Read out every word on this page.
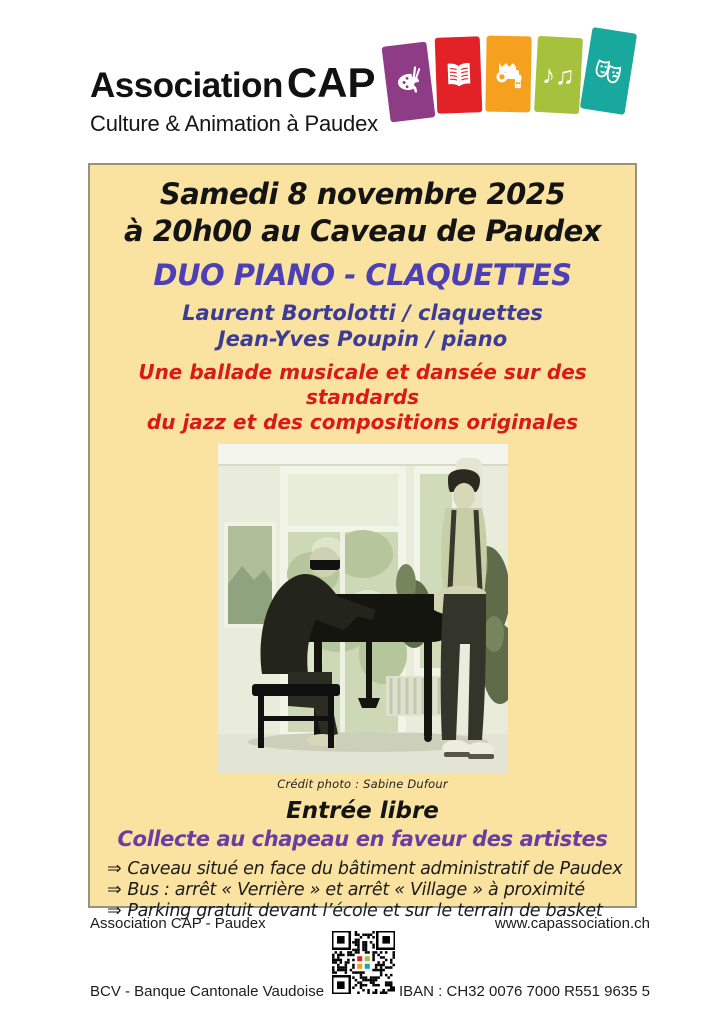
Association CAP
Culture & Animation à Paudex
♪♫
Samedi 8 novembre 2025
à 20h00 au Caveau de Paudex
DUO PIANO - CLAQUETTES
Laurent Bortolotti / claquettes
Jean-Yves Poupin / piano
Une ballade musicale et dansée sur des standards
du jazz et des compositions originales
Crédit photo : Sabine Dufour
Entrée libre
Collecte au chapeau en faveur des artistes
⇒ Caveau situé en face du bâtiment administratif de Paudex
⇒ Bus : arrêt « Verrière » et arrêt « Village » à proximité
⇒ Parking gratuit devant l’école et sur le terrain de basket
Association CAP - Paudex	www.capassociation.ch
BCV - Banque Cantonale Vaudoise	IBAN : CH32 0076 7000 R551 9635 5
